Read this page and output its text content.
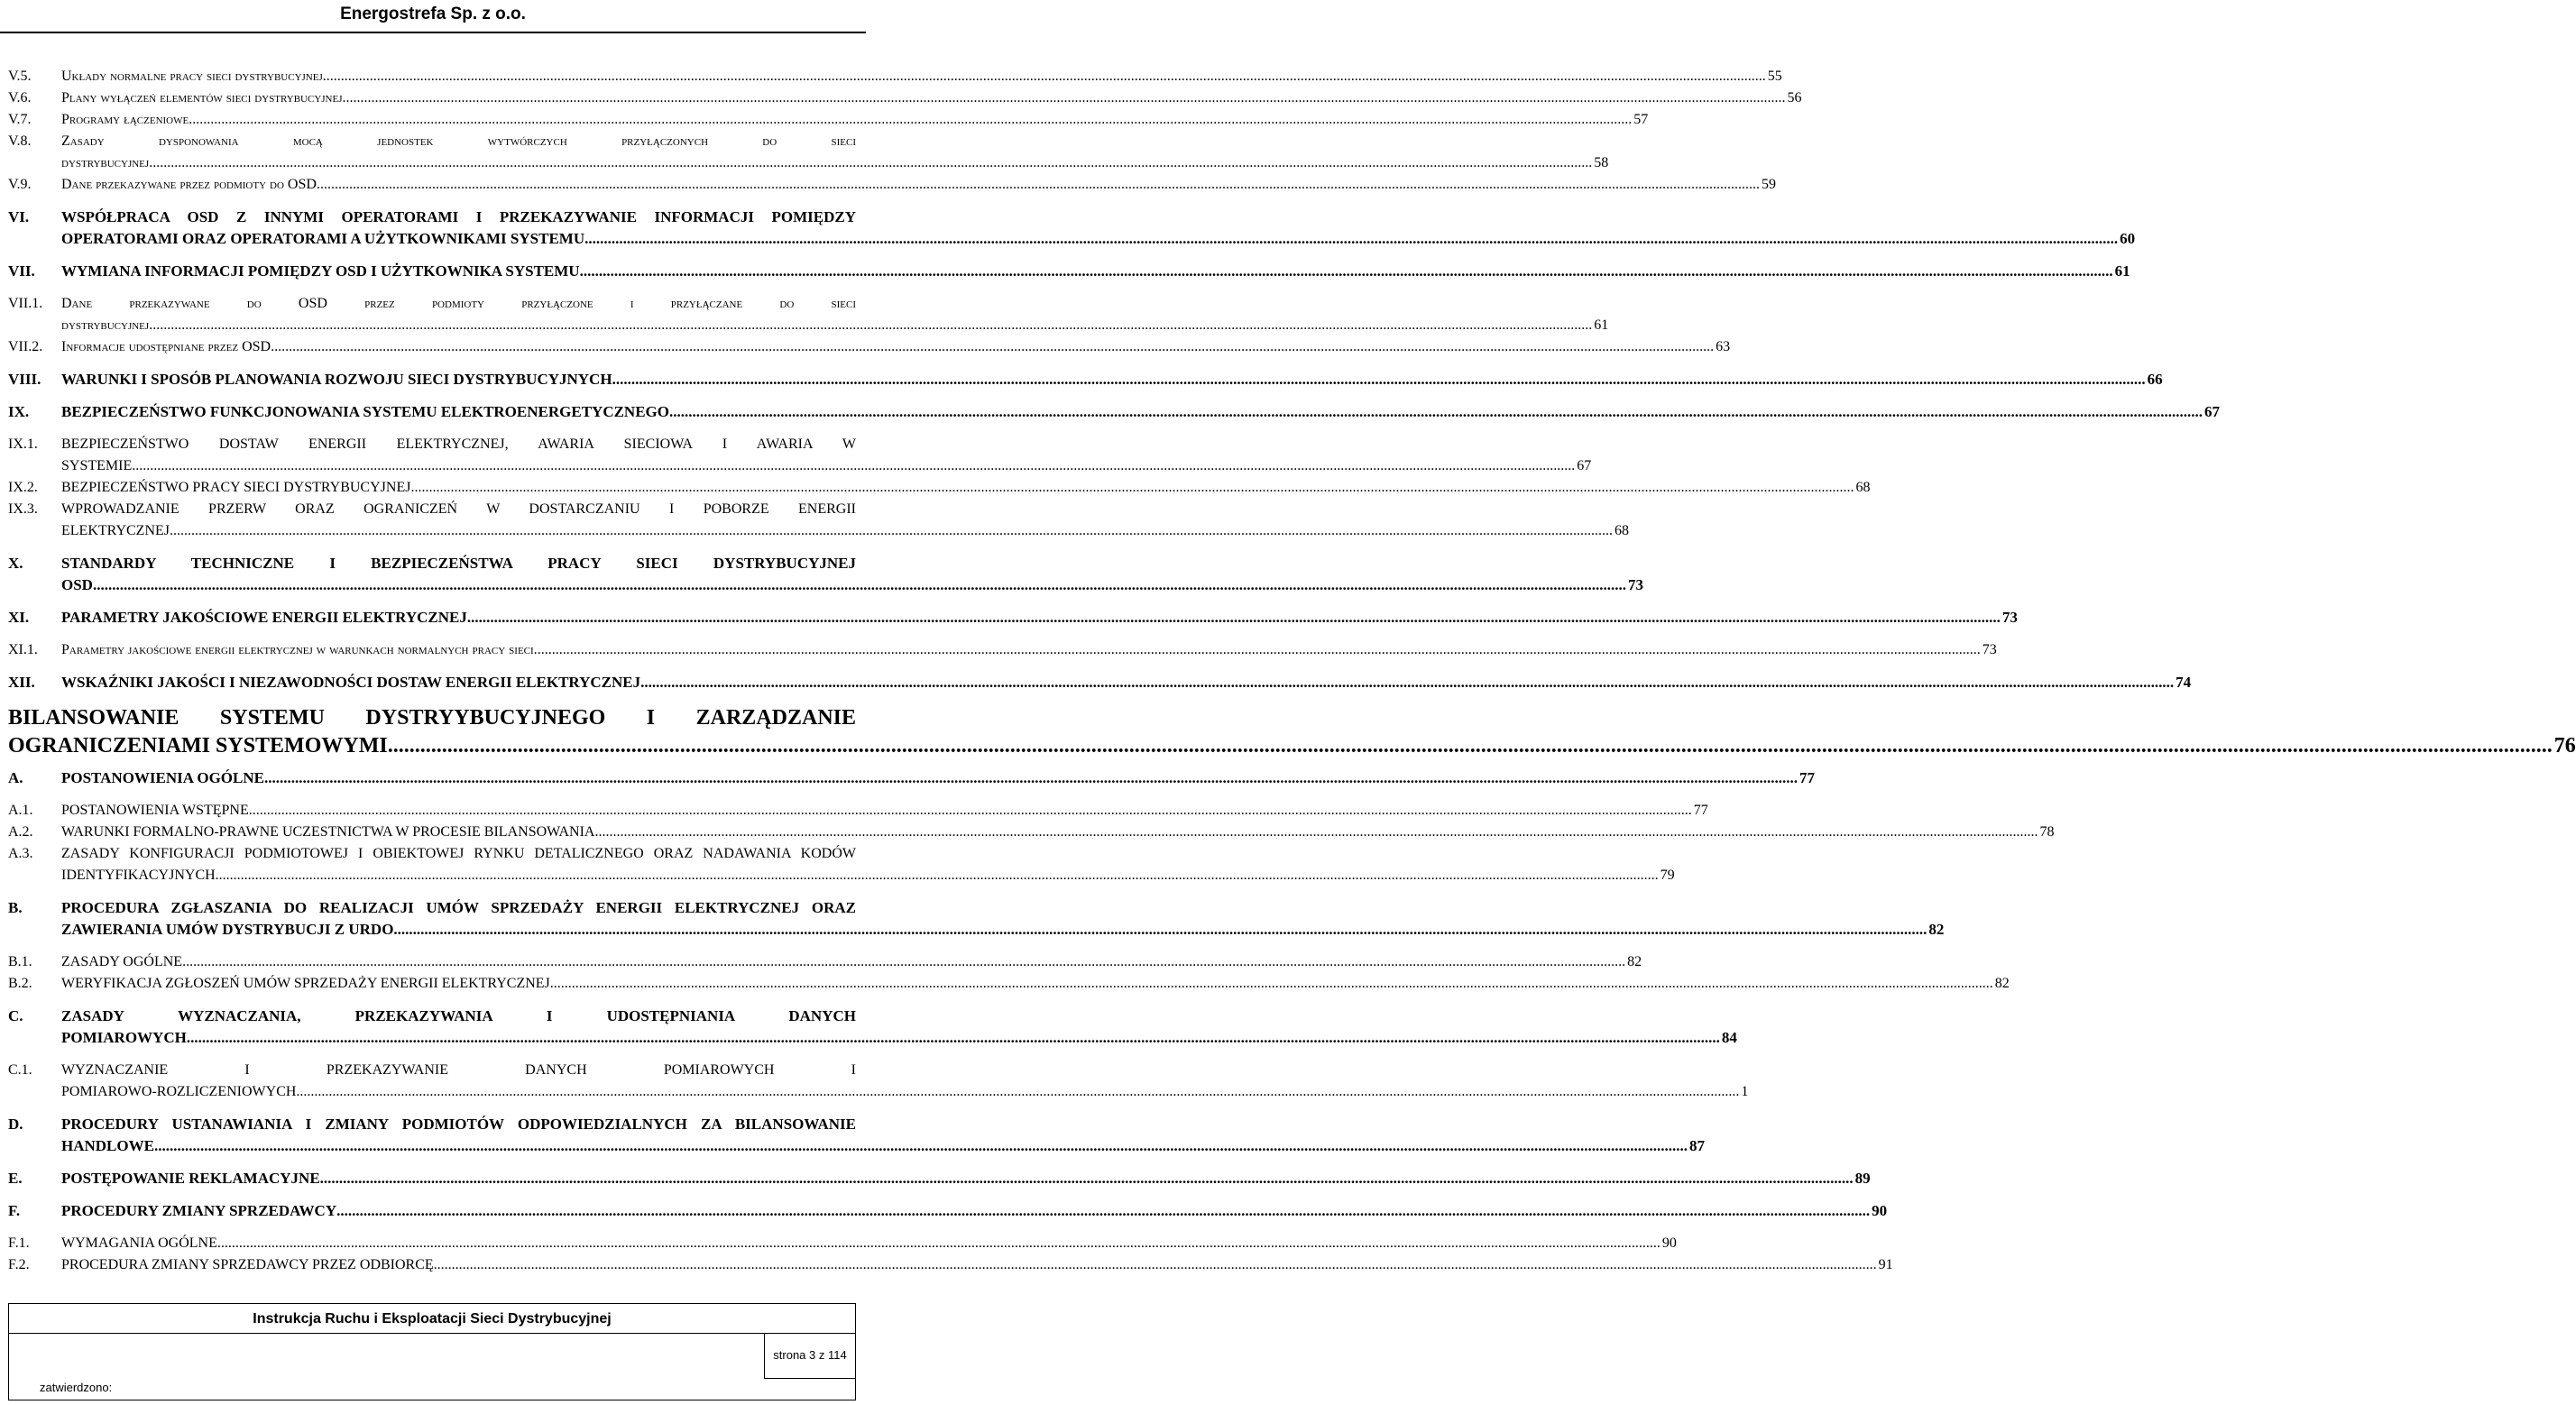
Energostrefa Sp. z o.o.
V.5. Układy normalne pracy sieci dystrybucyjnej ................................................................................................................................................................................................................................................................................................................................................................................................................ 55
V.6. Plany wyłączeń elementów sieci dystrybucyjnej ................................................................................................................................................................................................................................................................................................................................................................................................................ 56
V.7. Programy łączeniowe ................................................................................................................................................................................................................................................................................................................................................................................................................ 57
V.8. Zasady dysponowania mocą jednostek wytwórczych przyłączonych do sieci
dystrybucyjnej ................................................................................................................................................................................................................................................................................................................................................................................................................ 58
V.9. Dane przekazywane przez podmioty do OSD ................................................................................................................................................................................................................................................................................................................................................................................................................ 59
VI. WSPÓŁPRACA OSD Z INNYMI OPERATORAMI I PRZEKAZYWANIE INFORMACJI POMIĘDZY
OPERATORAMI ORAZ OPERATORAMI A UŻYTKOWNIKAMI SYSTEMU ................................................................................................................................................................................................................................................................................................................................................................................................................ 60
VII. WYMIANA INFORMACJI POMIĘDZY OSD I UŻYTKOWNIKA SYSTEMU ................................................................................................................................................................................................................................................................................................................................................................................................................ 61
VII.1. Dane przekazywane do OSD przez podmioty przyłączone i przyłączane do sieci
dystrybucyjnej ................................................................................................................................................................................................................................................................................................................................................................................................................ 61
VII.2. Informacje udostępniane przez OSD ................................................................................................................................................................................................................................................................................................................................................................................................................ 63
VIII. WARUNKI I SPOSÓB PLANOWANIA ROZWOJU SIECI DYSTRYBUCYJNYCH ................................................................................................................................................................................................................................................................................................................................................................................................................ 66
IX. BEZPIECZEŃSTWO FUNKCJONOWANIA SYSTEMU ELEKTROENERGETYCZNEGO ................................................................................................................................................................................................................................................................................................................................................................................................................ 67
IX.1. BEZPIECZEŃSTWO DOSTAW ENERGII ELEKTRYCZNEJ, AWARIA SIECIOWA I AWARIA W
SYSTEMIE ................................................................................................................................................................................................................................................................................................................................................................................................................ 67
IX.2. BEZPIECZEŃSTWO PRACY SIECI DYSTRYBUCYJNEJ ................................................................................................................................................................................................................................................................................................................................................................................................................ 68
IX.3. WPROWADZANIE PRZERW ORAZ OGRANICZEŃ W DOSTARCZANIU I POBORZE ENERGII
ELEKTRYCZNEJ ................................................................................................................................................................................................................................................................................................................................................................................................................ 68
X. STANDARDY TECHNICZNE I BEZPIECZEŃSTWA PRACY SIECI DYSTRYBUCYJNEJ
OSD ................................................................................................................................................................................................................................................................................................................................................................................................................ 73
XI. PARAMETRY JAKOŚCIOWE ENERGII ELEKTRYCZNEJ ................................................................................................................................................................................................................................................................................................................................................................................................................ 73
XI.1. Parametry jakościowe energii elektrycznej w warunkach normalnych pracy sieci. ................................................................................................................................................................................................................................................................................................................................................................................................................ 73
XII. WSKAŹNIKI JAKOŚCI I NIEZAWODNOŚCI DOSTAW ENERGII ELEKTRYCZNEJ ................................................................................................................................................................................................................................................................................................................................................................................................................ 74
BILANSOWANIE SYSTEMU DYSTRYYBUCYJNEGO I ZARZĄDZANIE
OGRANICZENIAMI SYSTEMOWYMI ................................................................................................................................................................................................................................................................................................................................................................................................................ 76
A. POSTANOWIENIA OGÓLNE ................................................................................................................................................................................................................................................................................................................................................................................................................ 77
A.1. POSTANOWIENIA WSTĘPNE ................................................................................................................................................................................................................................................................................................................................................................................................................ 77
A.2. WARUNKI FORMALNO-PRAWNE UCZESTNICTWA W PROCESIE BILANSOWANIA ................................................................................................................................................................................................................................................................................................................................................................................................................ 78
A.3. ZASADY KONFIGURACJI PODMIOTOWEJ I OBIEKTOWEJ RYNKU DETALICZNEGO ORAZ NADAWANIA KODÓW
IDENTYFIKACYJNYCH ................................................................................................................................................................................................................................................................................................................................................................................................................ 79
B.	PROCEDURA ZGŁASZANIA DO REALIZACJI UMÓW SPRZEDAŻY ENERGII ELEKTRYCZNEJ ORAZ
ZAWIERANIA UMÓW DYSTRYBUCJI Z URDO ................................................................................................................................................................................................................................................................................................................................................................................................................ 82
B.1. ZASADY OGÓLNE ................................................................................................................................................................................................................................................................................................................................................................................................................ 82
B.2. WERYFIKACJA ZGŁOSZEŃ UMÓW SPRZEDAŻY ENERGII ELEKTRYCZNEJ ................................................................................................................................................................................................................................................................................................................................................................................................................ 82
C. ZASADY WYZNACZANIA, PRZEKAZYWANIA I UDOSTĘPNIANIA DANYCH
POMIAROWYCH ................................................................................................................................................................................................................................................................................................................................................................................................................ 84
C.1. WYZNACZANIE I PRZEKAZYWANIE DANYCH POMIAROWYCH I
POMIAROWO-ROZLICZENIOWYCH ................................................................................................................................................................................................................................................................................................................................................................................................................ 1
D. PROCEDURY USTANAWIANIA I ZMIANY PODMIOTÓW ODPOWIEDZIALNYCH ZA BILANSOWANIE
HANDLOWE ................................................................................................................................................................................................................................................................................................................................................................................................................ 87
E.	POSTĘPOWANIE REKLAMACYJNE ................................................................................................................................................................................................................................................................................................................................................................................................................ 89
F.	PROCEDURY ZMIANY SPRZEDAWCY ................................................................................................................................................................................................................................................................................................................................................................................................................ 90
F.1. WYMAGANIA OGÓLNE ................................................................................................................................................................................................................................................................................................................................................................................................................ 90
F.2. PROCEDURA ZMIANY SPRZEDAWCY PRZEZ ODBIORCĘ ................................................................................................................................................................................................................................................................................................................................................................................................................ 91
Instrukcja Ruchu i Eksploatacji Sieci Dystrybucyjnej
strona 3 z 114
zatwierdzono:
